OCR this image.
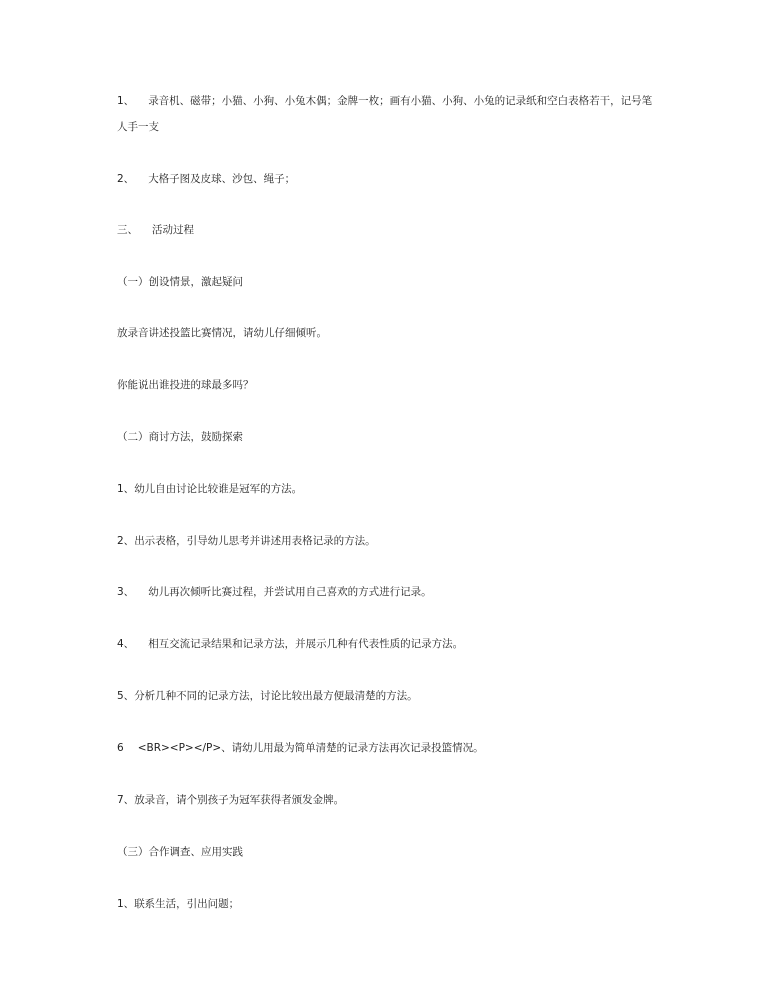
1、 录音机、磁带；小猫、小狗、小兔木偶；金牌一枚；画有小猫、小狗、小兔的记录纸和空白表格若干，记号笔人手一支
2、 大格子图及皮球、沙包、绳子；
三、 活动过程
（一）创设情景，激起疑问
放录音讲述投篮比赛情况，请幼儿仔细倾听。
你能说出谁投进的球最多吗？
（二）商讨方法，鼓励探索
1、幼儿自由讨论比较谁是冠军的方法。
2、出示表格，引导幼儿思考并讲述用表格记录的方法。
3、 幼儿再次倾听比赛过程，并尝试用自己喜欢的方式进行记录。
4、 相互交流记录结果和记录方法，并展示几种有代表性质的记录方法。
5、分析几种不同的记录方法，讨论比较出最方便最清楚的方法。
6 <BR><P></P>、请幼儿用最为简单清楚的记录方法再次记录投篮情况。
7、放录音，请个别孩子为冠军获得者颁发金牌。
（三）合作调查、应用实践
1、联系生活，引出问题；
